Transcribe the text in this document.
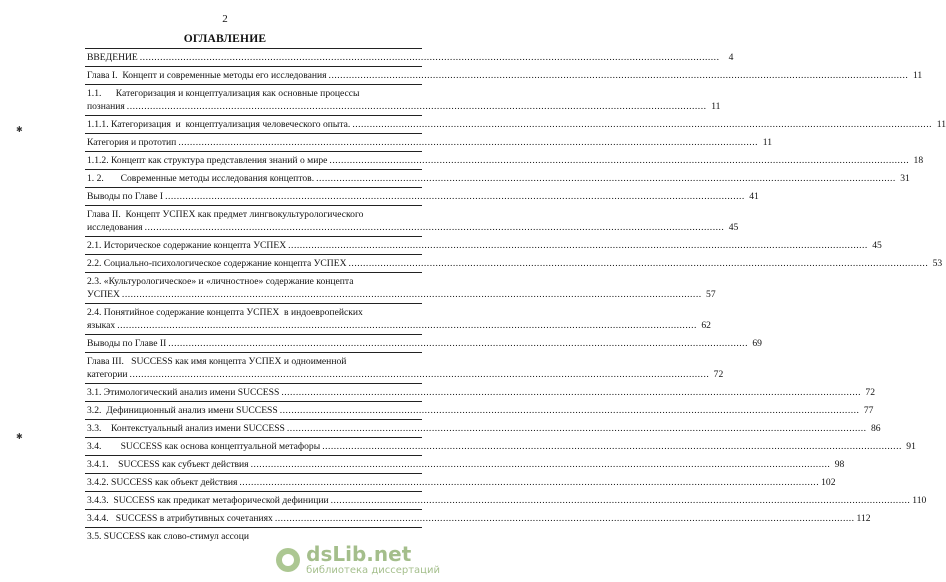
2
ОГЛАВЛЕНИЕ
ВВЕДЕНИЕ ........................................................................................................................................................................................................ 4
Глава I.  Концепт и современные методы его исследования ........................................................................................................................................................................................................ 11
1.1.      Категоризация и концептуализация как основные процессы
познания ........................................................................................................................................................................................................ 11
1.1.1. Категоризация  и  концептуализация человеческого опыта. ........................................................................................................................................................................................................ 11
Категория и прототип ........................................................................................................................................................................................................ 11
1.1.2. Концепт как структура представления знаний о мире ........................................................................................................................................................................................................ 18
1. 2.       Современные методы исследования концептов. ........................................................................................................................................................................................................ 31
Выводы по Главе I ........................................................................................................................................................................................................ 41
Глава II.  Концепт УСПЕХ как предмет лингвокультурологического
исследования ........................................................................................................................................................................................................ 45
2.1. Историческое содержание концепта УСПЕХ ........................................................................................................................................................................................................ 45
2.2. Социально-психологическое содержание концепта УСПЕХ ........................................................................................................................................................................................................ 53
2.3. «Культурологическое» и «личностное» содержание концепта
УСПЕХ ........................................................................................................................................................................................................ 57
2.4. Понятийное содержание концепта УСПЕХ  в индоевропейских
языках ........................................................................................................................................................................................................ 62
Выводы по Главе II ........................................................................................................................................................................................................ 69
Глава III.   SUCCESS как имя концепта УСПЕХ и одноименной
категории ........................................................................................................................................................................................................ 72
3.1. Этимологический анализ имени SUCCESS ........................................................................................................................................................................................................ 72
3.2.  Дефиниционный анализ имени SUCCESS ........................................................................................................................................................................................................ 77
3.3.    Контекстуальный анализ имени SUCCESS ........................................................................................................................................................................................................ 86
3.4.        SUCCESS как основа концептуальной метафоры ........................................................................................................................................................................................................ 91
3.4.1.    SUCCESS как субъект действия ........................................................................................................................................................................................................ 98
3.4.2. SUCCESS как объект действия ........................................................................................................................................................................................................ 102
3.4.3.  SUCCESS как предикат метафорической дефиниции ........................................................................................................................................................................................................ 110
3.4.4.   SUCCESS в атрибутивных сочетаниях ........................................................................................................................................................................................................ 112
3.5. SUCCESS как слово-стимул ассоци
✱
✱
dsLib.net
библиотека диссертаций
